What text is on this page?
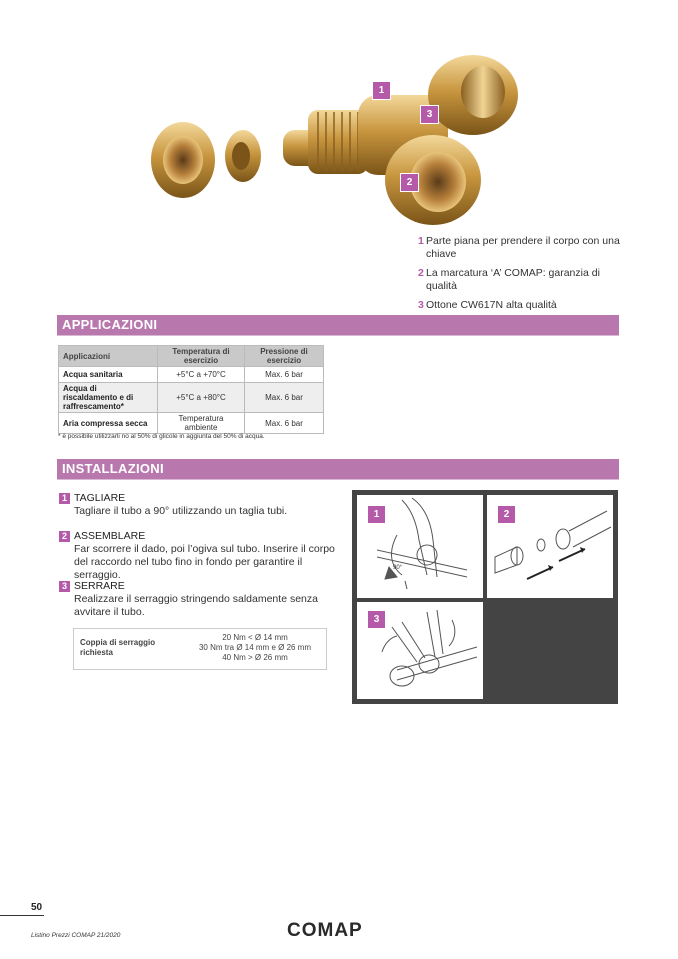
1
3
2
1 Parte piana per prendere il corpo con una chiave
2 La marcatura ‘A’ COMAP: garanzia di qualità
3 Ottone CW617N alta qualità
APPLICAZIONI
Applicazioni	Temperatura di esercizio	Pressione di esercizio
Acqua sanitaria	+5°C a +70°C	Max. 6 bar
Acqua di riscaldamento e di raffrescamento*	+5°C a +80°C	Max. 6 bar
Aria compressa secca	Temperatura ambiente	Max. 6 bar
* è possibile utilizzarli no al 50% di glicole in aggiunta del 50% di acqua.
INSTALLAZIONI
1 TAGLIARE
Tagliare il tubo a 90° utilizzando un taglia tubi.
2 ASSEMBLARE
Far scorrere il dado, poi l’ogiva sul tubo. Inserire il corpo del raccordo nel tubo fino in fondo per garantire il serraggio.
3 SERRARE
Realizzare il serraggio stringendo saldamente senza avvitare il tubo.
Coppia di serraggio richiesta
20 Nm < Ø 14 mm
30 Nm tra Ø 14 mm e Ø 26 mm
40 Nm > Ø 26 mm
90°
1	2
3
50
Listino Prezzi COMAP 21/2020	COMAP
